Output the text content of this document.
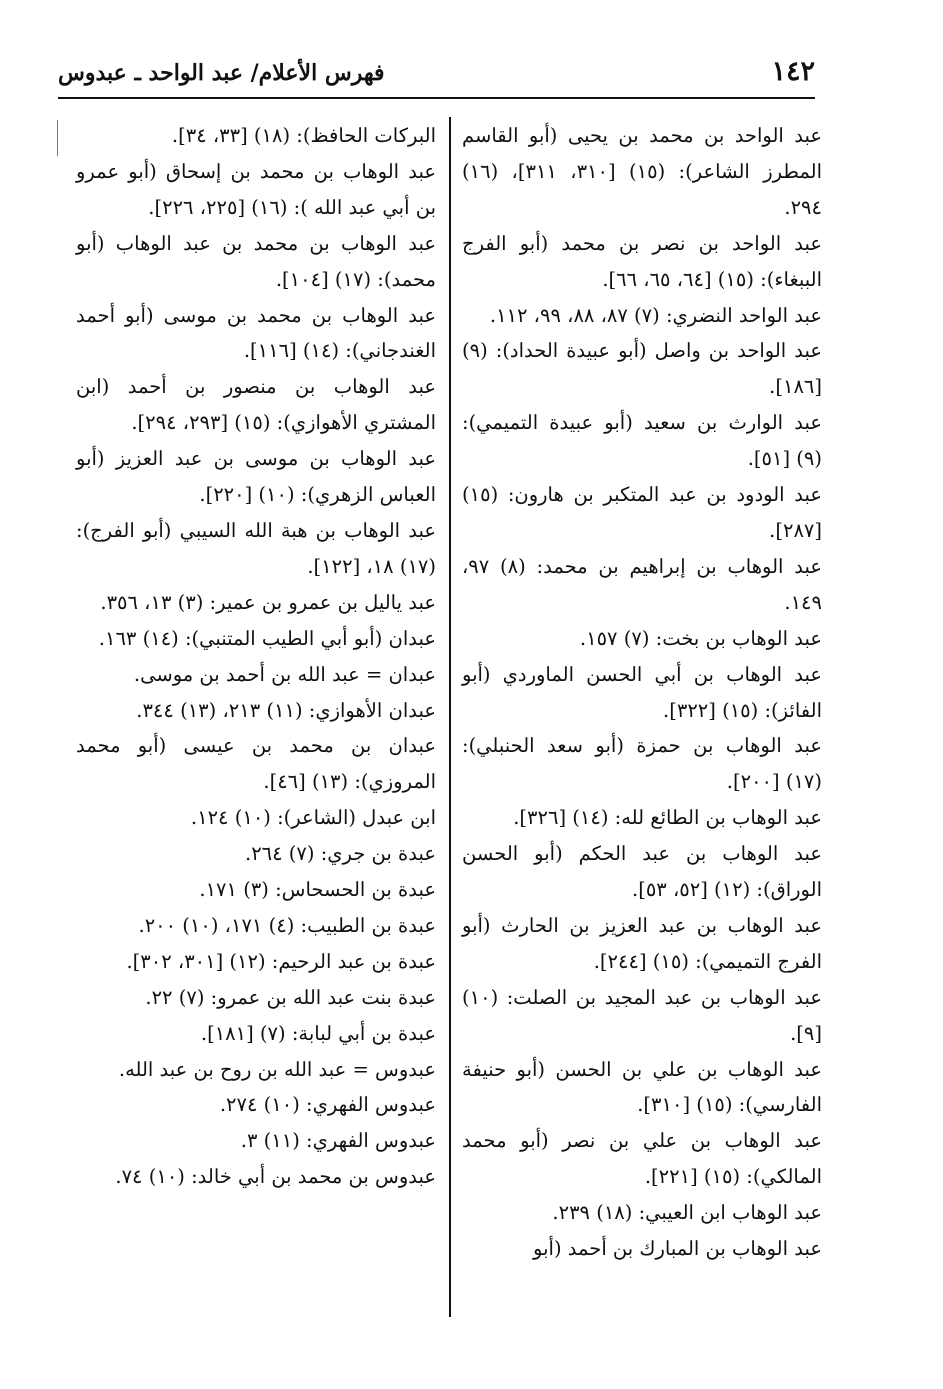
١٤٢
فهرس الأعلام/ عبد الواحد ـ عبدوس

عبد الواحد بن محمد بن يحيى (أبو القاسم المطرز الشاعر): (١٥) [٣١٠، ٣١١]، (١٦) ٢٩٤.

عبد الواحد بن نصر بن محمد (أبو الفرج الببغاء): (١٥) [٦٤، ٦٥، ٦٦].

عبد الواحد النضري: (٧) ٨٧، ٨٨، ٩٩، ١١٢.

عبد الواحد بن واصل (أبو عبيدة الحداد): (٩) [١٨٦].

عبد الوارث بن سعيد (أبو عبيدة التميمي): (٩) [٥١].

عبد الودود بن عبد المتكبر بن هارون: (١٥) [٢٨٧].

عبد الوهاب بن إبراهيم بن محمد: (٨) ٩٧، ١٤٩.

عبد الوهاب بن بخت: (٧) ١٥٧.

عبد الوهاب بن أبي الحسن الماوردي (أبو الفائز): (١٥) [٣٢٢].

عبد الوهاب بن حمزة (أبو سعد الحنبلي): (١٧) [٢٠٠].

عبد الوهاب بن الطائع لله: (١٤) [٣٢٦].

عبد الوهاب بن عبد الحكم (أبو الحسن الوراق): (١٢) [٥٢، ٥٣].

عبد الوهاب بن عبد العزيز بن الحارث (أبو الفرج التميمي): (١٥) [٢٤٤].

عبد الوهاب بن عبد المجيد بن الصلت: (١٠) [٩].

عبد الوهاب بن علي بن الحسن (أبو حنيفة الفارسي): (١٥) [٣١٠].

عبد الوهاب بن علي بن نصر (أبو محمد المالكي): (١٥) [٢٢١].

عبد الوهاب ابن العيبي: (١٨) ٢٣٩.

عبد الوهاب بن المبارك بن أحمد (أبو

البركات الحافظ): (١٨) [٣٣، ٣٤].

عبد الوهاب بن محمد بن إسحاق (أبو عمرو بن أبي عبد الله ): (١٦) [٢٢٥، ٢٢٦].

عبد الوهاب بن محمد بن عبد الوهاب (أبو محمد): (١٧) [١٠٤].

عبد الوهاب بن محمد بن موسى (أبو أحمد الغندجاني): (١٤) [١١٦].

عبد الوهاب بن منصور بن أحمد (ابن المشتري الأهوازي): (١٥) [٢٩٣، ٢٩٤].

عبد الوهاب بن موسى بن عبد العزيز (أبو العباس الزهري): (١٠) [٢٢٠].

عبد الوهاب بن هبة الله السيبي (أبو الفرج): (١٧) ١٨، [١٢٢].

عبد ياليل بن عمرو بن عمير: (٣) ١٣، ٣٥٦.

عبدان (أبو أبي الطيب المتنبي): (١٤) ١٦٣.

عبدان = عبد الله بن أحمد بن موسى.

عبدان الأهوازي: (١١) ٢١٣، (١٣) ٣٤٤.

عبدان بن محمد بن عيسى (أبو محمد المروزي): (١٣) [٤٦].

ابن عبدل (الشاعر): (١٠) ١٢٤.

عبدة بن جري: (٧) ٢٦٤.

عبدة بن الحسحاس: (٣) ١٧١.

عبدة بن الطبيب: (٤) ١٧١، (١٠) ٢٠٠.

عبدة بن عبد الرحيم: (١٢) [٣٠١، ٣٠٢].

عبدة بنت عبد الله بن عمرو: (٧) ٢٢.

عبدة بن أبي لبابة: (٧) [١٨١].

عبدوس = عبد الله بن روح بن عبد الله.

عبدوس الفهري: (١٠) ٢٧٤.

عبدوس الفهري: (١١) ٣.

عبدوس بن محمد بن أبي خالد: (١٠) ٧٤.
